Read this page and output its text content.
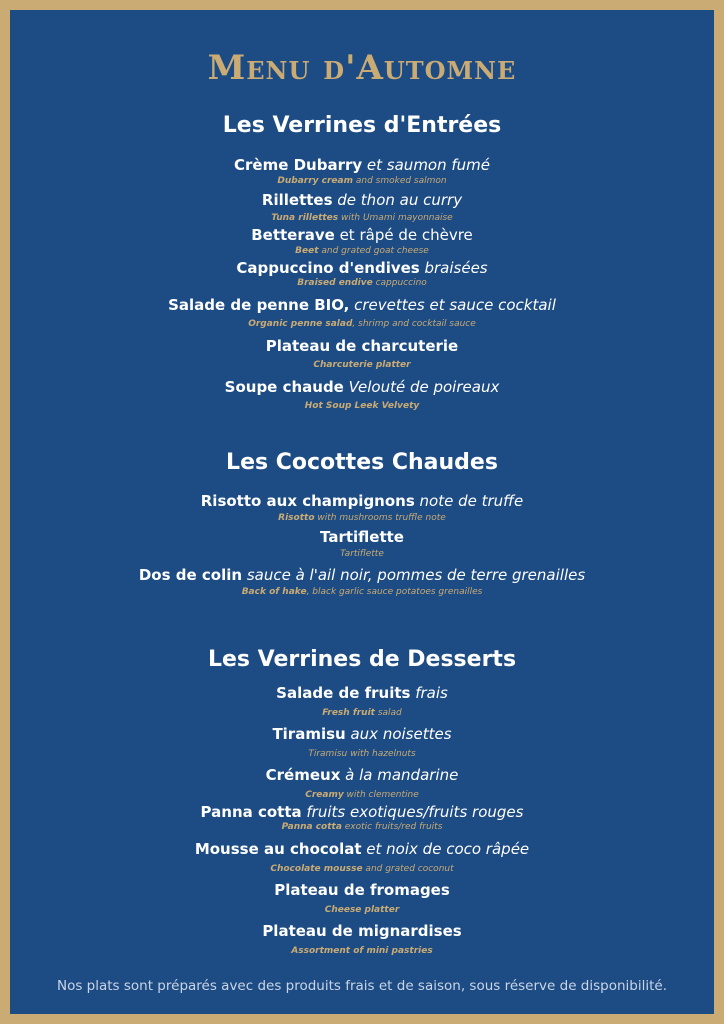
Menu d'Automne
Les Verrines d'Entrées
Crème Dubarry et saumon fumé
Dubarry cream and smoked salmon
Rillettes de thon au curry
Tuna rillettes with Umami mayonnaise
Betterave et râpé de chèvre
Beet and grated goat cheese
Cappuccino d'endives braisées
Braised endive cappuccino
Salade de penne BIO, crevettes et sauce cocktail
Organic penne salad, shrimp and cocktail sauce
Plateau de charcuterie
Charcuterie platter
Soupe chaude Velouté de poireaux
Hot Soup Leek Velvety
Les Cocottes Chaudes
Risotto aux champignons note de truffe
Risotto with mushrooms truffle note
Tartiflette
Tartiflette
Dos de colin sauce à l'ail noir, pommes de terre grenailles
Back of hake, black garlic sauce potatoes grenailles
Les Verrines de Desserts
Salade de fruits frais
Fresh fruit salad
Tiramisu aux noisettes
Tiramisu with hazelnuts
Crémeux à la mandarine
Creamy with clementine
Panna cotta fruits exotiques/fruits rouges
Panna cotta exotic fruits/red fruits
Mousse au chocolat et noix de coco râpée
Chocolate mousse and grated coconut
Plateau de fromages
Cheese platter
Plateau de mignardises
Assortment of mini pastries
Nos plats sont préparés avec des produits frais et de saison, sous réserve de disponibilité.
